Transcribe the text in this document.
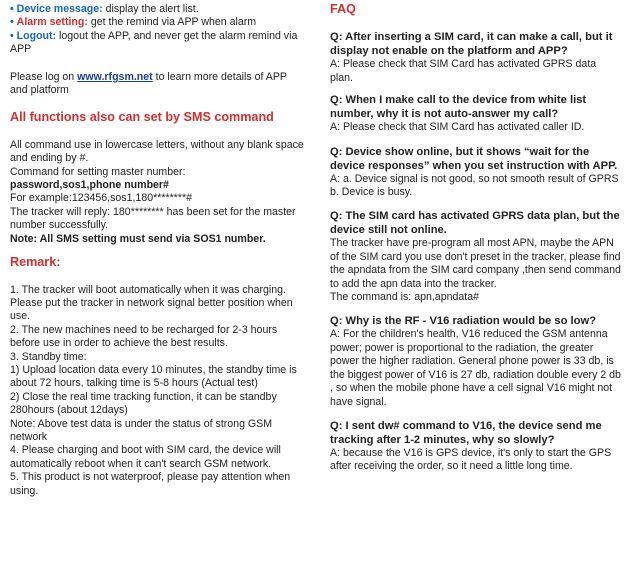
• Device message: display the alert list.

• Alarm setting: get the remind via APP when alarm

• Logout: logout the APP, and never get the alarm remind via APP

Please log on www.rfgsm.net to learn more details of APP and platform

All functions also can set by SMS command

All command use in lowercase letters, without any blank space and ending by #.

Command for setting master number:

password,sos1,phone number#

For example:123456,sos1,180********#

The tracker will reply: 180******** has been set for the master number successfully.

Note: All SMS setting must send via SOS1 number.

Remark:

1. The tracker will boot automatically when it was charging. Please put the tracker in network signal better position when use.

2. The new machines need to be recharged for 2-3 hours before use in order to achieve the best results.

3. Standby time:

1) Upload location data every 10 minutes, the standby time is about 72 hours, talking time is 5-8 hours (Actual test)

2) Close the real time tracking function, it can be standby 280hours (about 12days)

Note: Above test data is under the status of strong GSM network

4. Please charging and boot with SIM card, the device will automatically reboot when it can't search GSM network.

5. This product is not waterproof, please pay attention when using.

FAQ

Q: After inserting a SIM card, it can make a call, but it display not enable on the platform and APP?

A: Please check that SIM Card has activated GPRS data plan.

Q: When I make call to the device from white list number, why it is not auto-answer my call?

A: Please check that SIM Card has activated caller ID.

Q: Device show online, but it shows “wait for the device responses” when you set instruction with APP.

A: a. Device signal is not good, so not smooth result of GPRS
b. Device is busy.

Q: The SIM card has activated GPRS data plan, but the device still not online.

The tracker have pre-program all most APN, maybe the APN of the SIM card you use don't preset in the tracker, please find the apndata from the SIM card company ,then send command to add the apn data into the tracker.
The command is: apn,apndata#

Q: Why is the RF - V16 radiation would be so low?

A: For the children's health, V16 reduced the GSM antenna power; power is proportional to the radiation, the greater power the higher radiation. General phone power is 33 db, is the biggest power of V16 is 27 db, radiation double every 2 db , so when the mobile phone have a cell signal V16 might not have signal.

Q: I sent dw# command to V16, the device send me tracking after 1-2 minutes, why so slowly?

A: because the V16 is GPS device, it's only to start the GPS after receiving the order, so it need a little long time.
